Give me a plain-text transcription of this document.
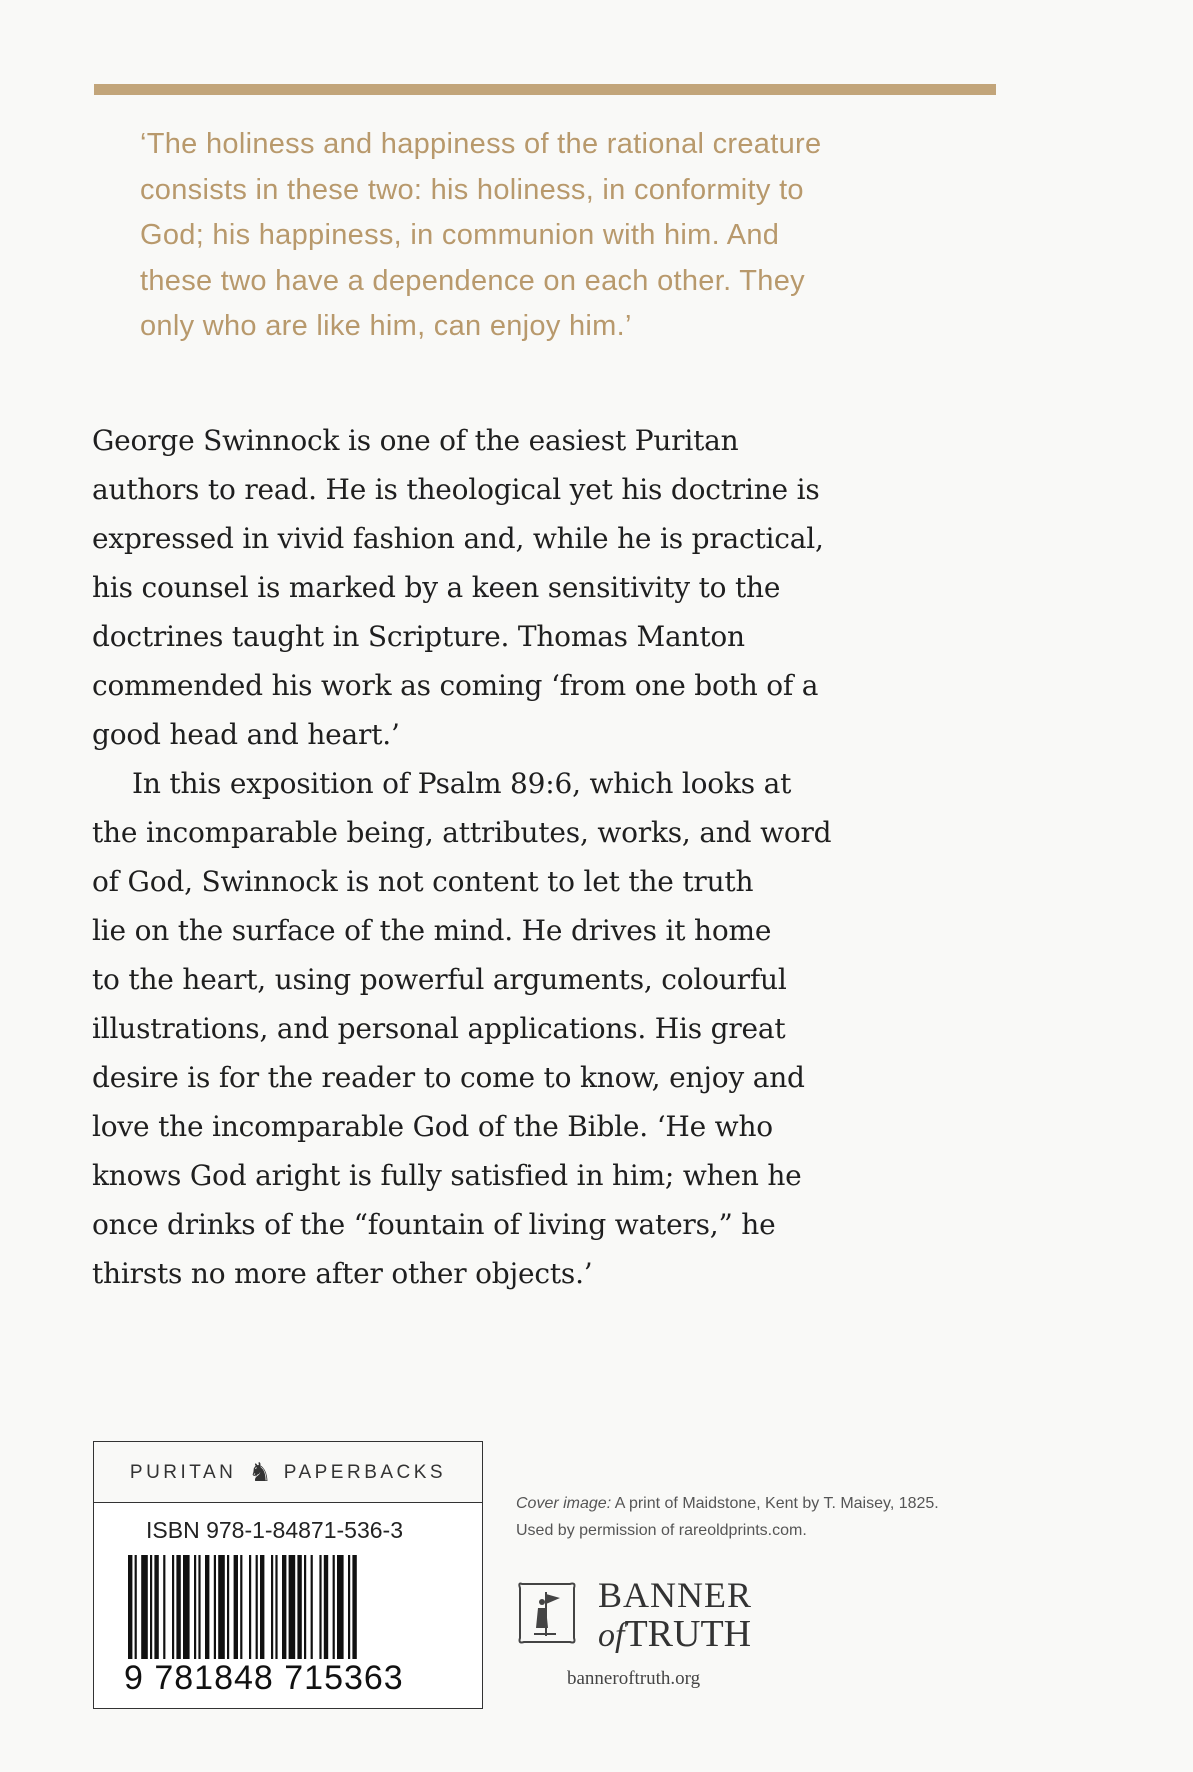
‘The holiness and happiness of the rational creature
consists in these two: his holiness, in conformity to
God; his happiness, in communion with him. And
these two have a dependence on each other. They
only who are like him, can enjoy him.’
George Swinnock is one of the easiest Puritan
authors to read. He is theological yet his doctrine is
expressed in vivid fashion and, while he is practical,
his counsel is marked by a keen sensitivity to the
doctrines taught in Scripture. Thomas Manton
commended his work as coming ‘from one both of a
good head and heart.’
In this exposition of Psalm 89:6, which looks at
the incomparable being, attributes, works, and word
of God, Swinnock is not content to let the truth
lie on the surface of the mind. He drives it home
to the heart, using powerful arguments, colourful
illustrations, and personal applications. His great
desire is for the reader to come to know, enjoy and
love the incomparable God of the Bible. ‘He who
knows God aright is fully satisfied in him; when he
once drinks of the “fountain of living waters,” he
thirsts no more after other objects.’
PURITAN ♞ PAPERBACKS
ISBN 978-1-84871-536-3
9 781848 715363
Cover image: A print of Maidstone, Kent by T. Maisey, 1825.
Used by permission of rareoldprints.com.
BANNER
ofTRUTH
banneroftruth.org
